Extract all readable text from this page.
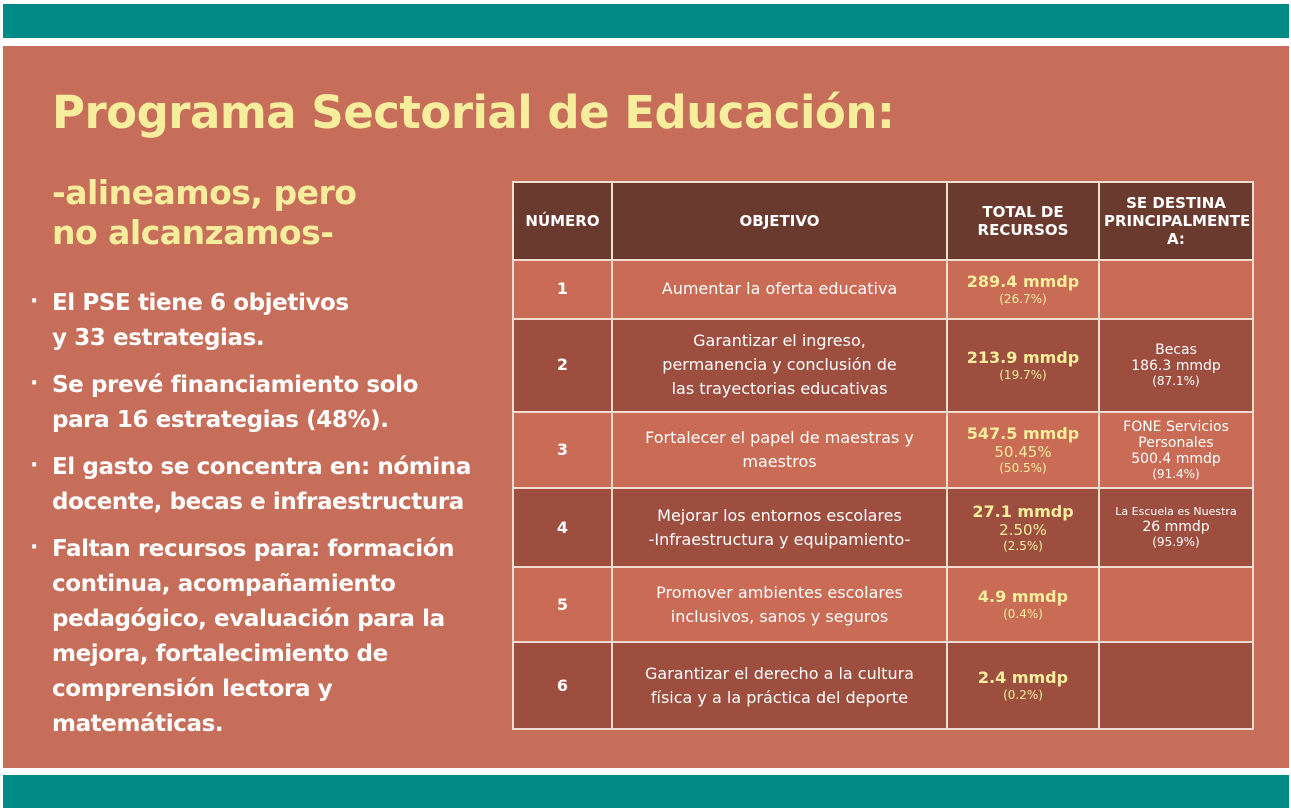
Programa Sectorial de Educación:

-alineamos, pero
no alcanzamos-

· El PSE tiene 6 objetivos
y 33 estrategias.
· Se prevé financiamiento solo
para 16 estrategias (48%).
· El gasto se concentra en: nómina
docente, becas e infraestructura
· Faltan recursos para: formación
continua, acompañamiento
pedagógico, evaluación para la
mejora, fortalecimiento de
comprensión lectora y matemáticas.
NÚMERO	OBJETIVO	TOTAL DE
RECURSOS	SE DESTINA
PRINCIPALMENTE
A:
1	Aumentar la oferta educativa	289.4 mmdp
(26.7%)	

2	Garantizar el ingreso,
permanencia y conclusión de
las trayectorias educativas	213.9 mmdp
(19.7%)	Becas
186.3 mmdp
(87.1%)

3	Fortalecer el papel de maestras y
maestros	547.5 mmdp
50.45%
(50.5%)	FONE Servicios
Personales
500.4 mmdp
(91.4%)

4	Mejorar los entornos escolares
-Infraestructura y equipamiento-	27.1 mmdp
2.50%
(2.5%)	La Escuela es Nuestra
26 mmdp
(95.9%)

5	Promover ambientes escolares
inclusivos, sanos y seguros	4.9 mmdp
(0.4%)	

6	Garantizar el derecho a la cultura
física y a la práctica del deporte	2.4 mmdp
(0.2%)	
